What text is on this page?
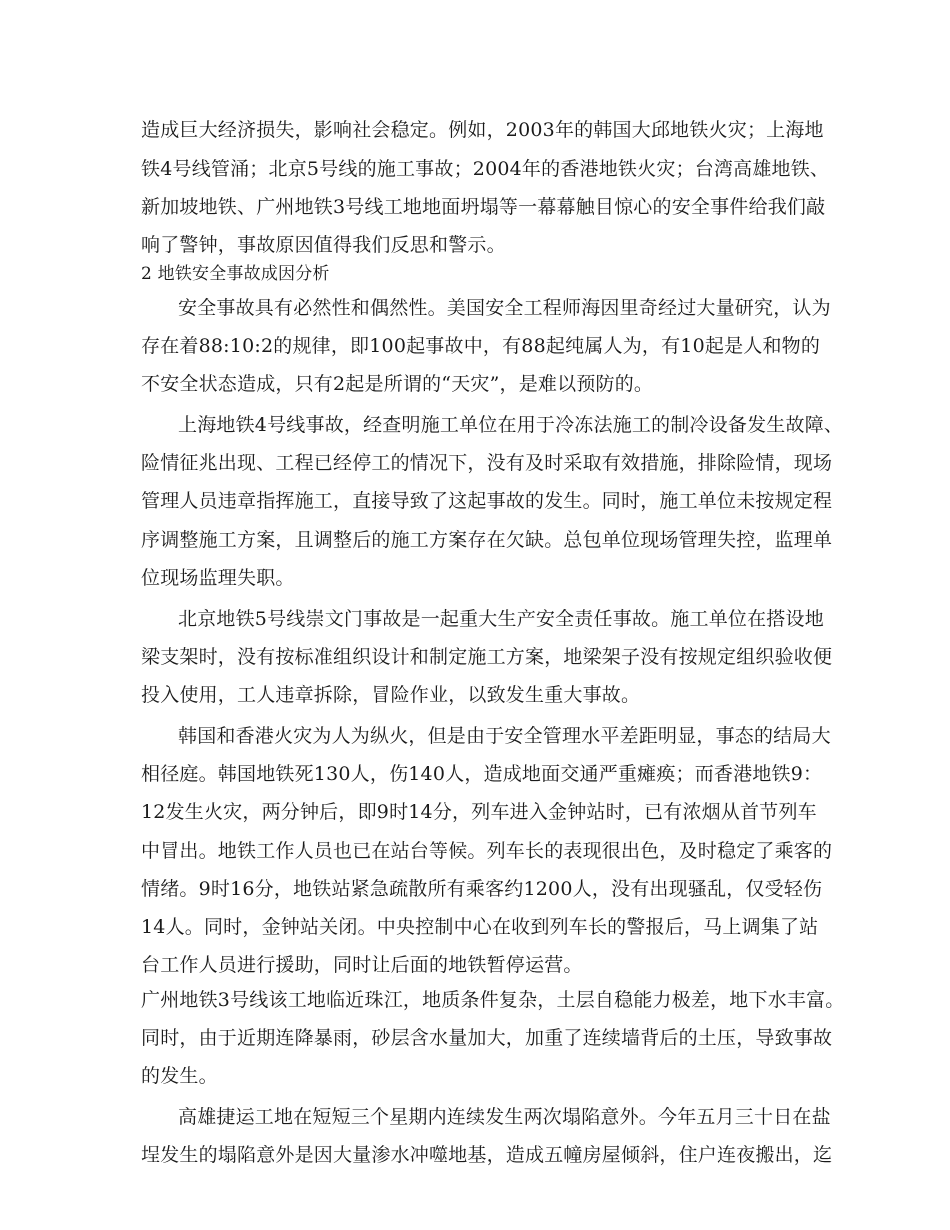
造成巨大经济损失，影响社会稳定。例如，2003年的韩国大邱地铁火灾；上海地
铁4号线管涌；北京5号线的施工事故；2004年的香港地铁火灾；台湾高雄地铁、
新加坡地铁、广州地铁3号线工地地面坍塌等一幕幕触目惊心的安全事件给我们敲
响了警钟，事故原因值得我们反思和警示。
2 地铁安全事故成因分析
安全事故具有必然性和偶然性。美国安全工程师海因里奇经过大量研究，认为
存在着88:10:2的规律，即100起事故中，有88起纯属人为，有10起是人和物的
不安全状态造成，只有2起是所谓的“天灾”，是难以预防的。
上海地铁4号线事故，经查明施工单位在用于冷冻法施工的制冷设备发生故障、
险情征兆出现、工程已经停工的情况下，没有及时采取有效措施，排除险情，现场
管理人员违章指挥施工，直接导致了这起事故的发生。同时，施工单位未按规定程
序调整施工方案，且调整后的施工方案存在欠缺。总包单位现场管理失控，监理单
位现场监理失职。
北京地铁5号线崇文门事故是一起重大生产安全责任事故。施工单位在搭设地
梁支架时，没有按标准组织设计和制定施工方案，地梁架子没有按规定组织验收便
投入使用，工人违章拆除，冒险作业，以致发生重大事故。
韩国和香港火灾为人为纵火，但是由于安全管理水平差距明显，事态的结局大
相径庭。韩国地铁死130人，伤140人，造成地面交通严重瘫痪；而香港地铁9：
12发生火灾，两分钟后，即9时14分，列车进入金钟站时，已有浓烟从首节列车
中冒出。地铁工作人员也已在站台等候。列车长的表现很出色，及时稳定了乘客的
情绪。9时16分，地铁站紧急疏散所有乘客约1200人，没有出现骚乱，仅受轻伤
14人。同时，金钟站关闭。中央控制中心在收到列车长的警报后，马上调集了站
台工作人员进行援助，同时让后面的地铁暂停运营。
广州地铁3号线该工地临近珠江，地质条件复杂，土层自稳能力极差，地下水丰富。
同时，由于近期连降暴雨，砂层含水量加大，加重了连续墙背后的土压，导致事故
的发生。
高雄捷运工地在短短三个星期内连续发生两次塌陷意外。今年五月三十日在盐
埕发生的塌陷意外是因大量渗水冲噬地基，造成五幢房屋倾斜，住户连夜搬出，迄
